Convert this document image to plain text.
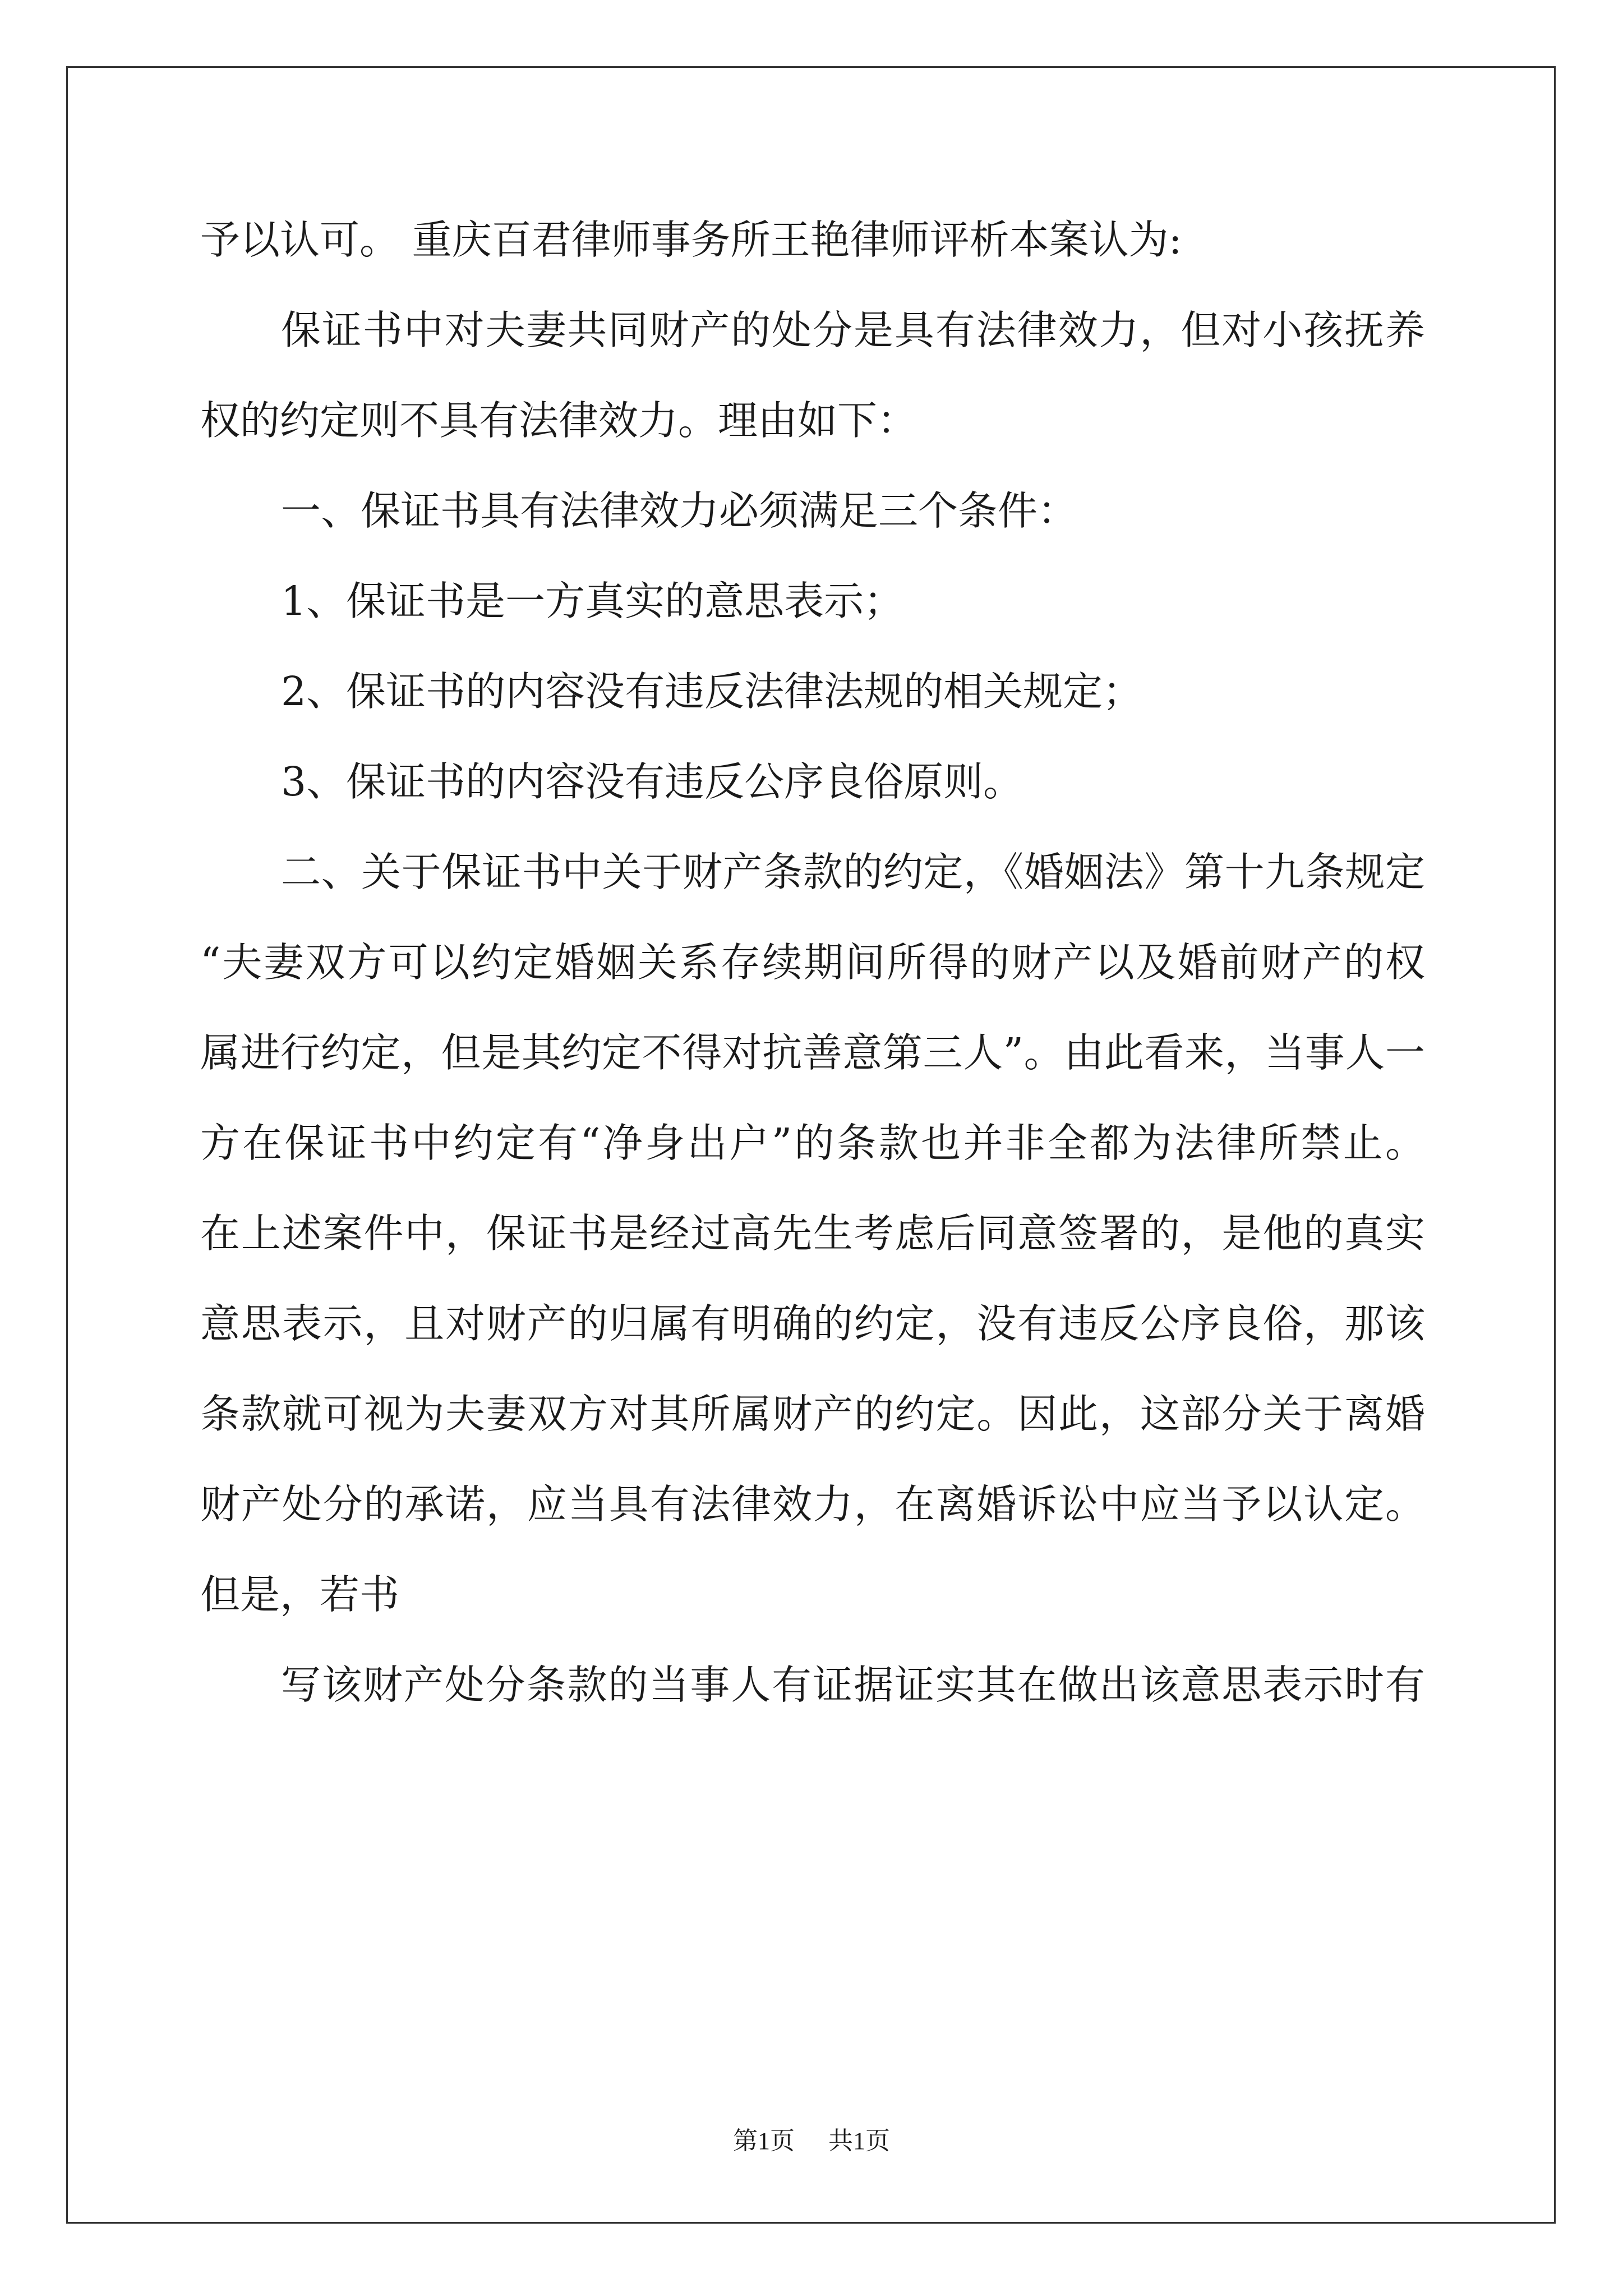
予以认可。 重庆百君律师事务所王艳律师评析本案认为:
保证书中对夫妻共同财产的处分是具有法律效力，但对小孩抚养
权的约定则不具有法律效力。理由如下：
一、保证书具有法律效力必须满足三个条件：
1、保证书是一方真实的意思表示；
2、保证书的内容没有违反法律法规的相关规定；
3、保证书的内容没有违反公序良俗原则。
二、关于保证书中关于财产条款的约定，《婚姻法》第十九条规定
“夫妻双方可以约定婚姻关系存续期间所得的财产以及婚前财产的权
属进行约定，但是其约定不得对抗善意第三人”。由此看来，当事人一
方在保证书中约定有“净身出户”的条款也并非全都为法律所禁止。
在上述案件中，保证书是经过高先生考虑后同意签署的，是他的真实
意思表示，且对财产的归属有明确的约定，没有违反公序良俗，那该
条款就可视为夫妻双方对其所属财产的约定。因此，这部分关于离婚
财产处分的承诺，应当具有法律效力，在离婚诉讼中应当予以认定。
但是，若书
写该财产处分条款的当事人有证据证实其在做出该意思表示时有
第1页 共1页
